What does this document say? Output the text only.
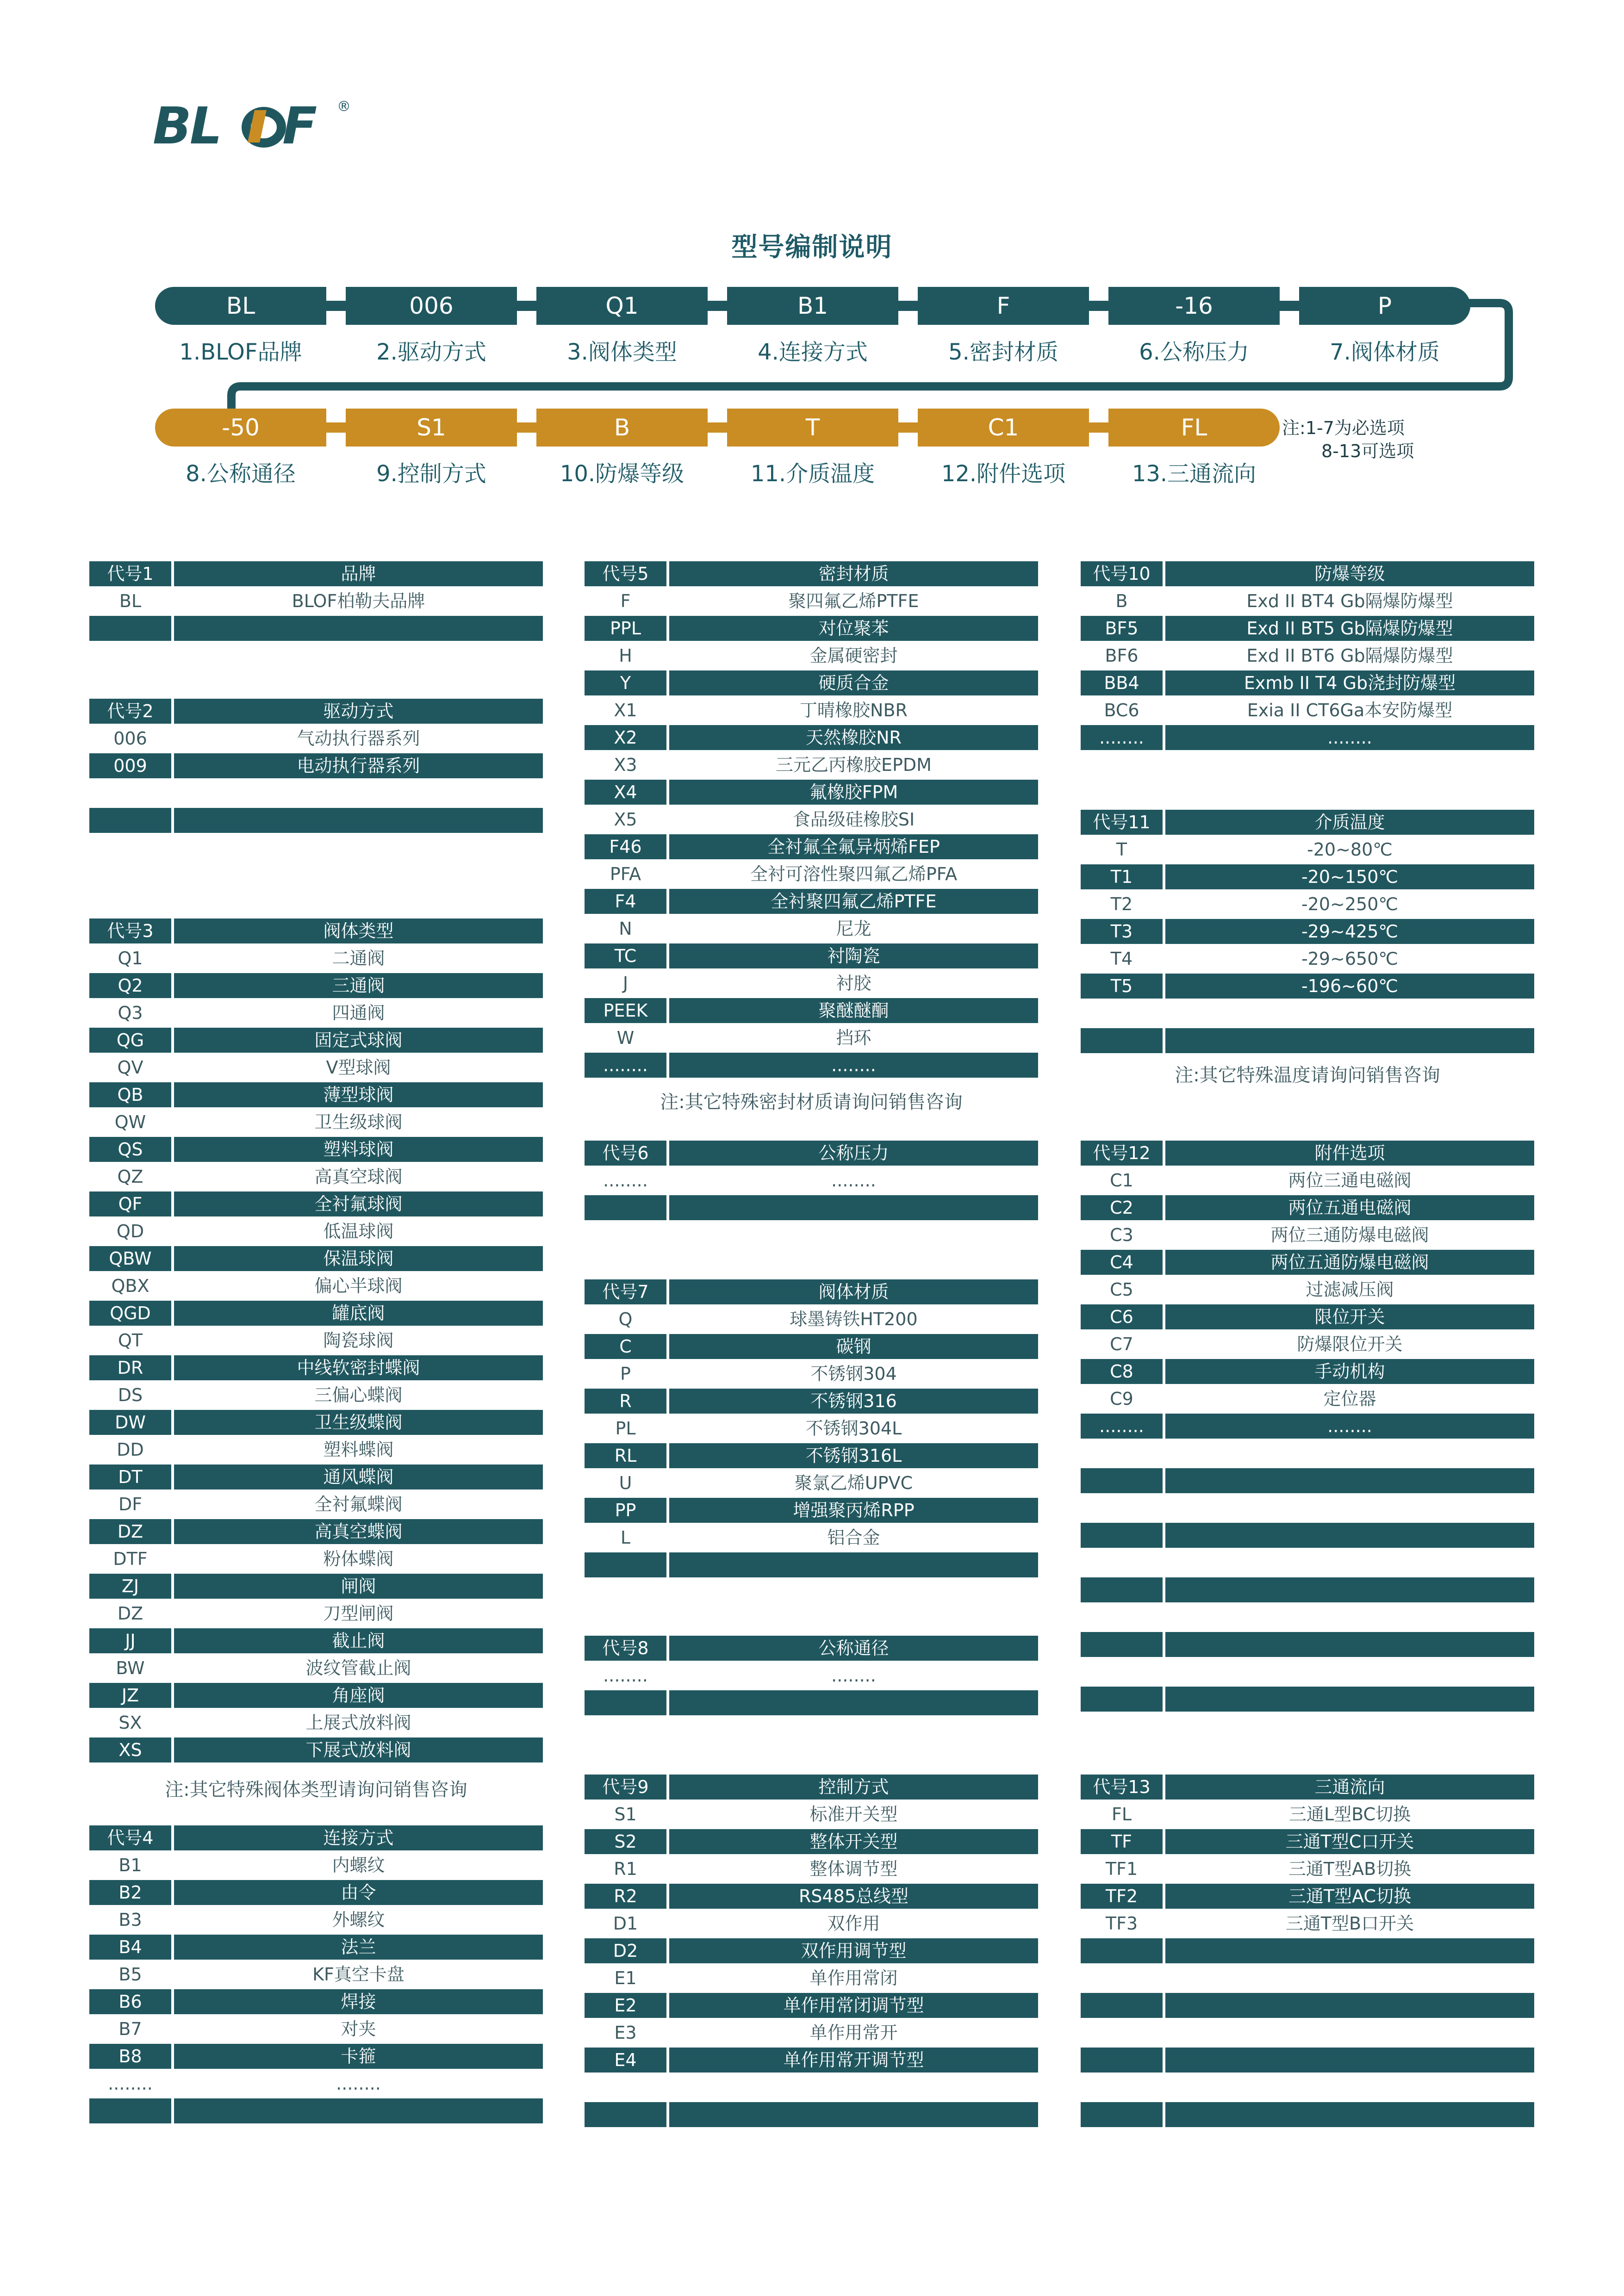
BL F ®
型号编制说明
BL
1.BLOF品牌
006
2.驱动方式
Q1
3.阀体类型
B1
4.连接方式
F
5.密封材质
-16
6.公称压力
P
7.阀体材质
-50
8.公称通径
S1
9.控制方式
B
10.防爆等级
T
11.介质温度
C1
12.附件选项
FL
13.三通流向
注:1-7为必选项
8-13可选项
代号1	品牌
BL	BLOF柏勒夫品牌
代号2	驱动方式
006	气动执行器系列
009	电动执行器系列
代号3	阀体类型
Q1	二通阀
Q2	三通阀
Q3	四通阀
QG	固定式球阀
QV	V型球阀
QB	薄型球阀
QW	卫生级球阀
QS	塑料球阀
QZ	高真空球阀
QF	全衬氟球阀
QD	低温球阀
QBW	保温球阀
QBX	偏心半球阀
QGD	罐底阀
QT	陶瓷球阀
DR	中线软密封蝶阀
DS	三偏心蝶阀
DW	卫生级蝶阀
DD	塑料蝶阀
DT	通风蝶阀
DF	全衬氟蝶阀
DZ	高真空蝶阀
DTF	粉体蝶阀
ZJ	闸阀
DZ	刀型闸阀
JJ	截止阀
BW	波纹管截止阀
JZ	角座阀
SX	上展式放料阀
XS	下展式放料阀
注:其它特殊阀体类型请询问销售咨询
代号4	连接方式
B1	内螺纹
B2	由令
B3	外螺纹
B4	法兰
B5	KF真空卡盘
B6	焊接
B7	对夹
B8	卡箍
........	........
代号5	密封材质
F	聚四氟乙烯PTFE
PPL	对位聚苯
H	金属硬密封
Y	硬质合金
X1	丁晴橡胶NBR
X2	天然橡胶NR
X3	三元乙丙橡胶EPDM
X4	氟橡胶FPM
X5	食品级硅橡胶SI
F46	全衬氟全氟异炳烯FEP
PFA	全衬可溶性聚四氟乙烯PFA
F4	全衬聚四氟乙烯PTFE
N	尼龙
TC	衬陶瓷
J	衬胶
PEEK	聚醚醚酮
W	挡环
........	........
注:其它特殊密封材质请询问销售咨询
代号6	公称压力
........	........
代号7	阀体材质
Q	球墨铸铁HT200
C	碳钢
P	不锈钢304
R	不锈钢316
PL	不锈钢304L
RL	不锈钢316L
U	聚氯乙烯UPVC
PP	增强聚丙烯RPP
L	铝合金
代号8	公称通径
........	........
代号9	控制方式
S1	标准开关型
S2	整体开关型
R1	整体调节型
R2	RS485总线型
D1	双作用
D2	双作用调节型
E1	单作用常闭
E2	单作用常闭调节型
E3	单作用常开
E4	单作用常开调节型
代号10	防爆等级
B	Exd II BT4 Gb隔爆防爆型
BF5	Exd II BT5 Gb隔爆防爆型
BF6	Exd II BT6 Gb隔爆防爆型
BB4	Exmb II T4 Gb浇封防爆型
BC6	Exia II CT6Ga本安防爆型
........	........
代号11	介质温度
T	-20~80℃
T1	-20~150℃
T2	-20~250℃
T3	-29~425℃
T4	-29~650℃
T5	-196~60℃
注:其它特殊温度请询问销售咨询
代号12	附件选项
C1	两位三通电磁阀
C2	两位五通电磁阀
C3	两位三通防爆电磁阀
C4	两位五通防爆电磁阀
C5	过滤减压阀
C6	限位开关
C7	防爆限位开关
C8	手动机构
C9	定位器
........	........
代号13	三通流向
FL	三通L型BC切换
TF	三通T型C口开关
TF1	三通T型AB切换
TF2	三通T型AC切换
TF3	三通T型B口开关
